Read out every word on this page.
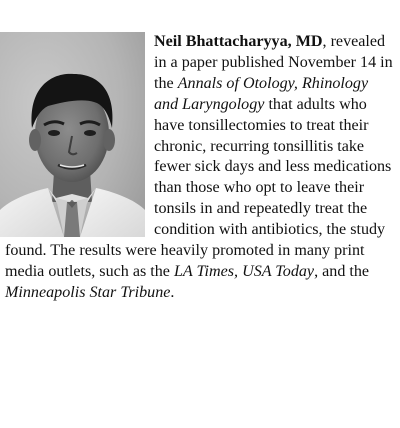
Neil Bhattacharyya, MD, revealed in a paper published November 14 in the Annals of Otology, Rhinology and Laryngology that adults who have tonsillectomies to treat their chronic, recurring tonsillitis take fewer sick days and less medications than those who opt to leave their tonsils in and repeatedly treat the condition with antibiotics, the study found. The results were heavily promoted in many print media outlets, such as the LA Times, USA Today, and the Minneapolis Star Tribune.
